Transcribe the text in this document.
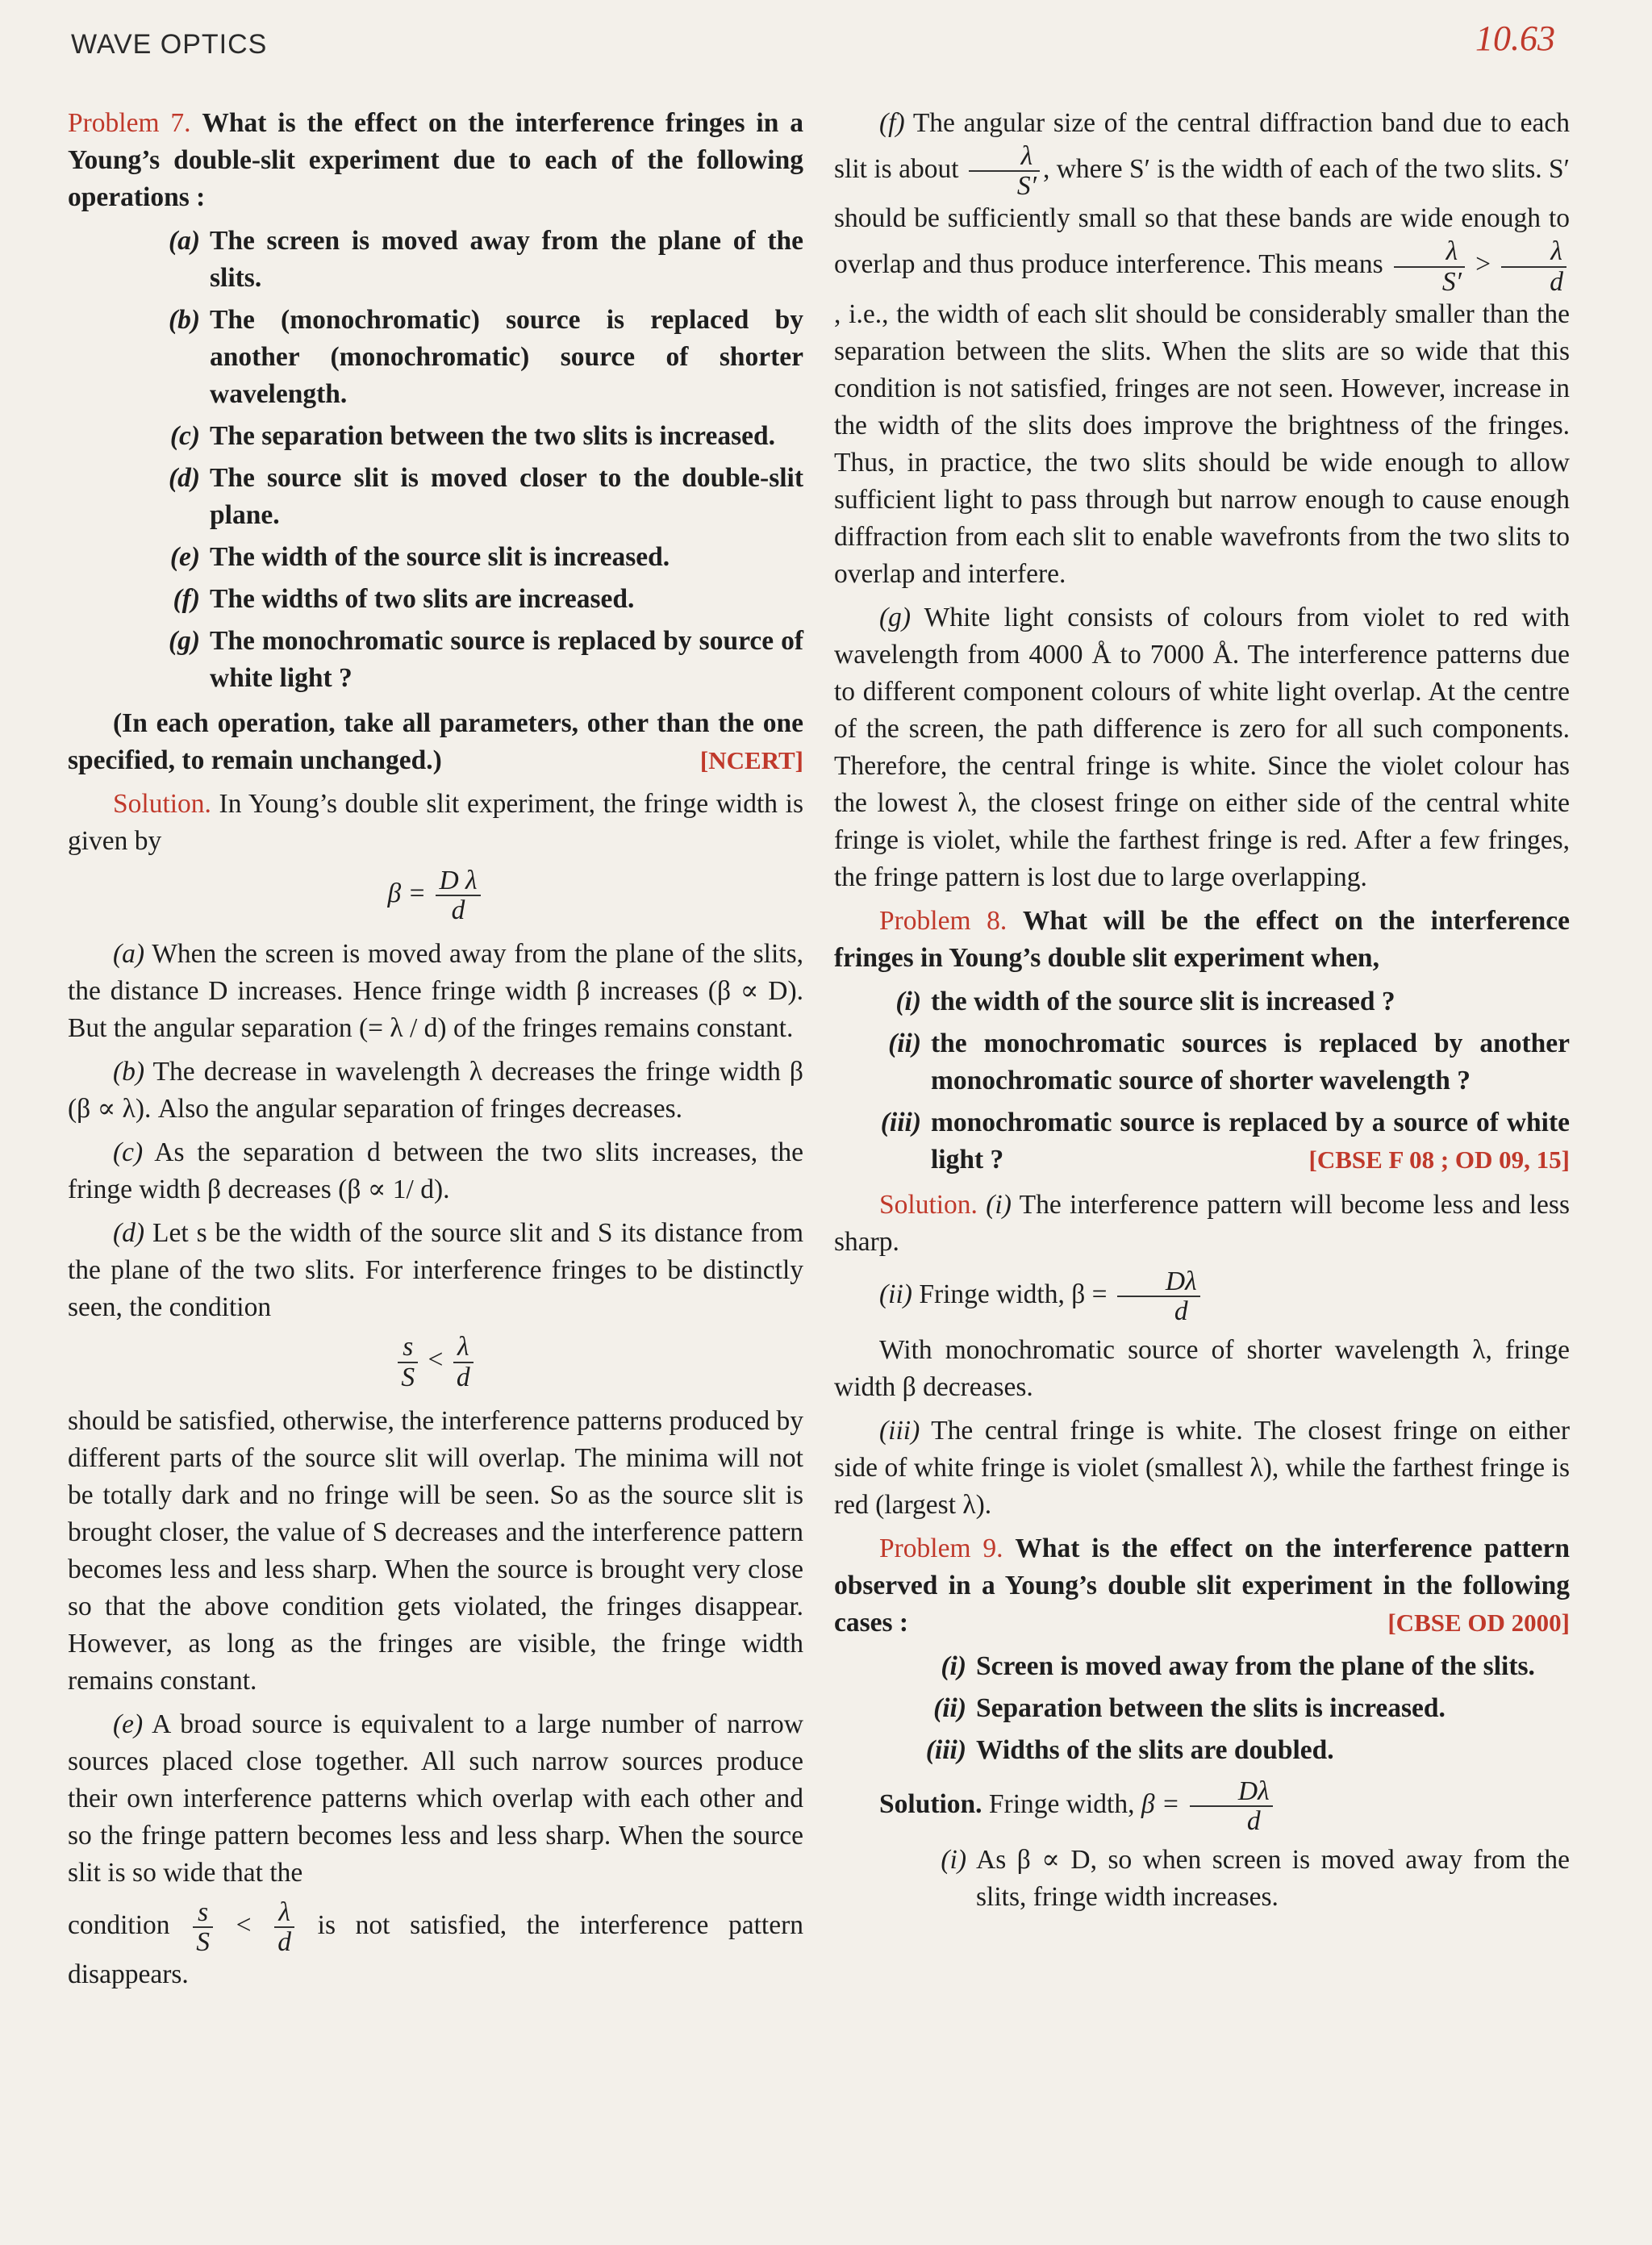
WAVE OPTICS	10.63

Problem 7. What is the effect on the interference fringes in a Young’s double-slit experiment due to each of the following operations :

(a) The screen is moved away from the plane of the slits.
(b) The (monochromatic) source is replaced by another (monochromatic) source of shorter wavelength.
(c) The separation between the two slits is increased.
(d) The source slit is moved closer to the double-slit plane.
(e) The width of the source slit is increased.
(f) The widths of two slits are increased.
(g) The monochromatic source is replaced by source of white light ?

(In each operation, take all parameters, other than the one specified, to remain unchanged.)	[NCERT]

Solution. In Young’s double slit experiment, the fringe width is given by

$\beta = \frac{\text{D λ}}{d}$

(a) When the screen is moved away from the plane of the slits, the distance D increases. Hence fringe width β increases (β ∝ D). But the angular separation (= λ / d) of the fringes remains constant.

(b) The decrease in wavelength λ decreases the fringe width β (β ∝ λ). Also the angular separation of fringes decreases.

(c) As the separation d between the two slits increases, the fringe width β decreases (β ∝ 1/ d).

(d) Let s be the width of the source slit and S its distance from the plane of the two slits. For interference fringes to be distinctly seen, the condition

$\frac{s}{S} < \frac{\lambda}{d}$

should be satisfied, otherwise, the interference patterns produced by different parts of the source slit will overlap. The minima will not be totally dark and no fringe will be seen. So as the source slit is brought closer, the value of S decreases and the interference pattern becomes less and less sharp. When the source is brought very close so that the above condition gets violated, the fringes disappear. However, as long as the fringes are visible, the fringe width remains constant.

(e) A broad source is equivalent to a large number of narrow sources placed close together. All such narrow sources produce their own interference patterns which overlap with each other and so the fringe pattern becomes less and less sharp. When the source slit is so wide that the

condition $\frac{s}{S} < \frac{\lambda}{d}$ is not satisfied, the interference pattern disappears.

(f) The angular size of the central diffraction band due to each slit is about $\frac{\lambda}{S'}$ , where S′ is the width of each of the two slits. S′ should be sufficiently small so that these bands are wide enough to overlap and thus produce interference. This means $\frac{\lambda}{S'} > \frac{\lambda}{d}$
, i.e., the width of each slit should be considerably smaller than the separation between the slits. When the slits are so wide that this condition is not satisfied, fringes are not seen. However, increase in the width of the slits does improve the brightness of the fringes. Thus, in practice, the two slits should be wide enough to allow sufficient light to pass through but narrow enough to cause enough diffraction from each slit to enable wavefronts from the two slits to overlap and interfere.

(g) White light consists of colours from violet to red with wavelength from 4000 Å to 7000 Å. The interference patterns due to different component colours of white light overlap. At the centre of the screen, the path difference is zero for all such components. Therefore, the central fringe is white. Since the violet colour has the lowest λ, the closest fringe on either side of the central white fringe is violet, while the farthest fringe is red. After a few fringes, the fringe pattern is lost due to large overlapping.

Problem 8. What will be the effect on the interference fringes in Young’s double slit experiment when,

(i) the width of the source slit is increased ?
(ii) the monochromatic sources is replaced by another monochromatic source of shorter wavelength ?
(iii) monochromatic source is replaced by a source of white light ?	[CBSE F 08 ; OD 09, 15]

Solution. (i) The interference pattern will become less and less sharp.

(ii) Fringe width, $\beta = \frac{D\lambda}{d}$

With monochromatic source of shorter wavelength λ, fringe width β decreases.

(iii) The central fringe is white. The closest fringe on either side of white fringe is violet (smallest λ), while the farthest fringe is red (largest λ).

Problem 9. What is the effect on the interference pattern observed in a Young’s double slit experiment in the following cases :	[CBSE OD 2000]

(i) Screen is moved away from the plane of the slits.
(ii) Separation between the slits is increased.
(iii) Widths of the slits are doubled.

Solution. Fringe width, $\beta = \frac{D\lambda}{d}$

(i) As β ∝ D, so when screen is moved away from the slits, fringe width increases.
